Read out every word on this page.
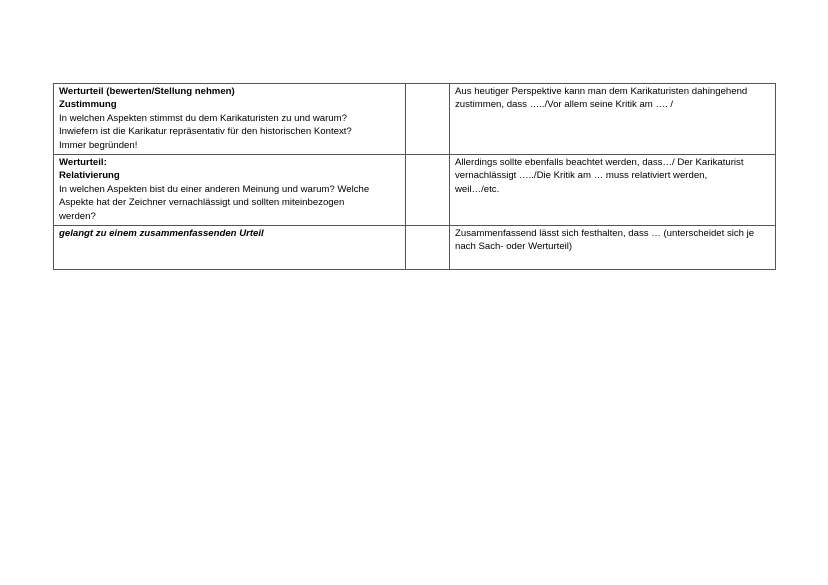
Werturteil (bewerten/Stellung nehmen)
Zustimmung
In welchen Aspekten stimmst du dem Karikaturisten zu und warum?
Inwiefern ist die Karikatur repräsentativ für den historischen Kontext?
Immer begründen!		Aus heutiger Perspektive kann man dem Karikaturisten dahingehend
zustimmen, dass …../Vor allem seine Kritik am …. /

Werturteil:
Relativierung
In welchen Aspekten bist du einer anderen Meinung und warum? Welche
Aspekte hat der Zeichner vernachlässigt und sollten miteinbezogen
werden?		Allerdings sollte ebenfalls beachtet werden, dass…/ Der Karikaturist
vernachlässigt …../Die Kritik am … muss relativiert werden,
weil…/etc.

gelangt zu einem zusammenfassenden Urteil		Zusammenfassend lässt sich festhalten, dass … (unterscheidet sich je
nach Sach- oder Werturteil)
